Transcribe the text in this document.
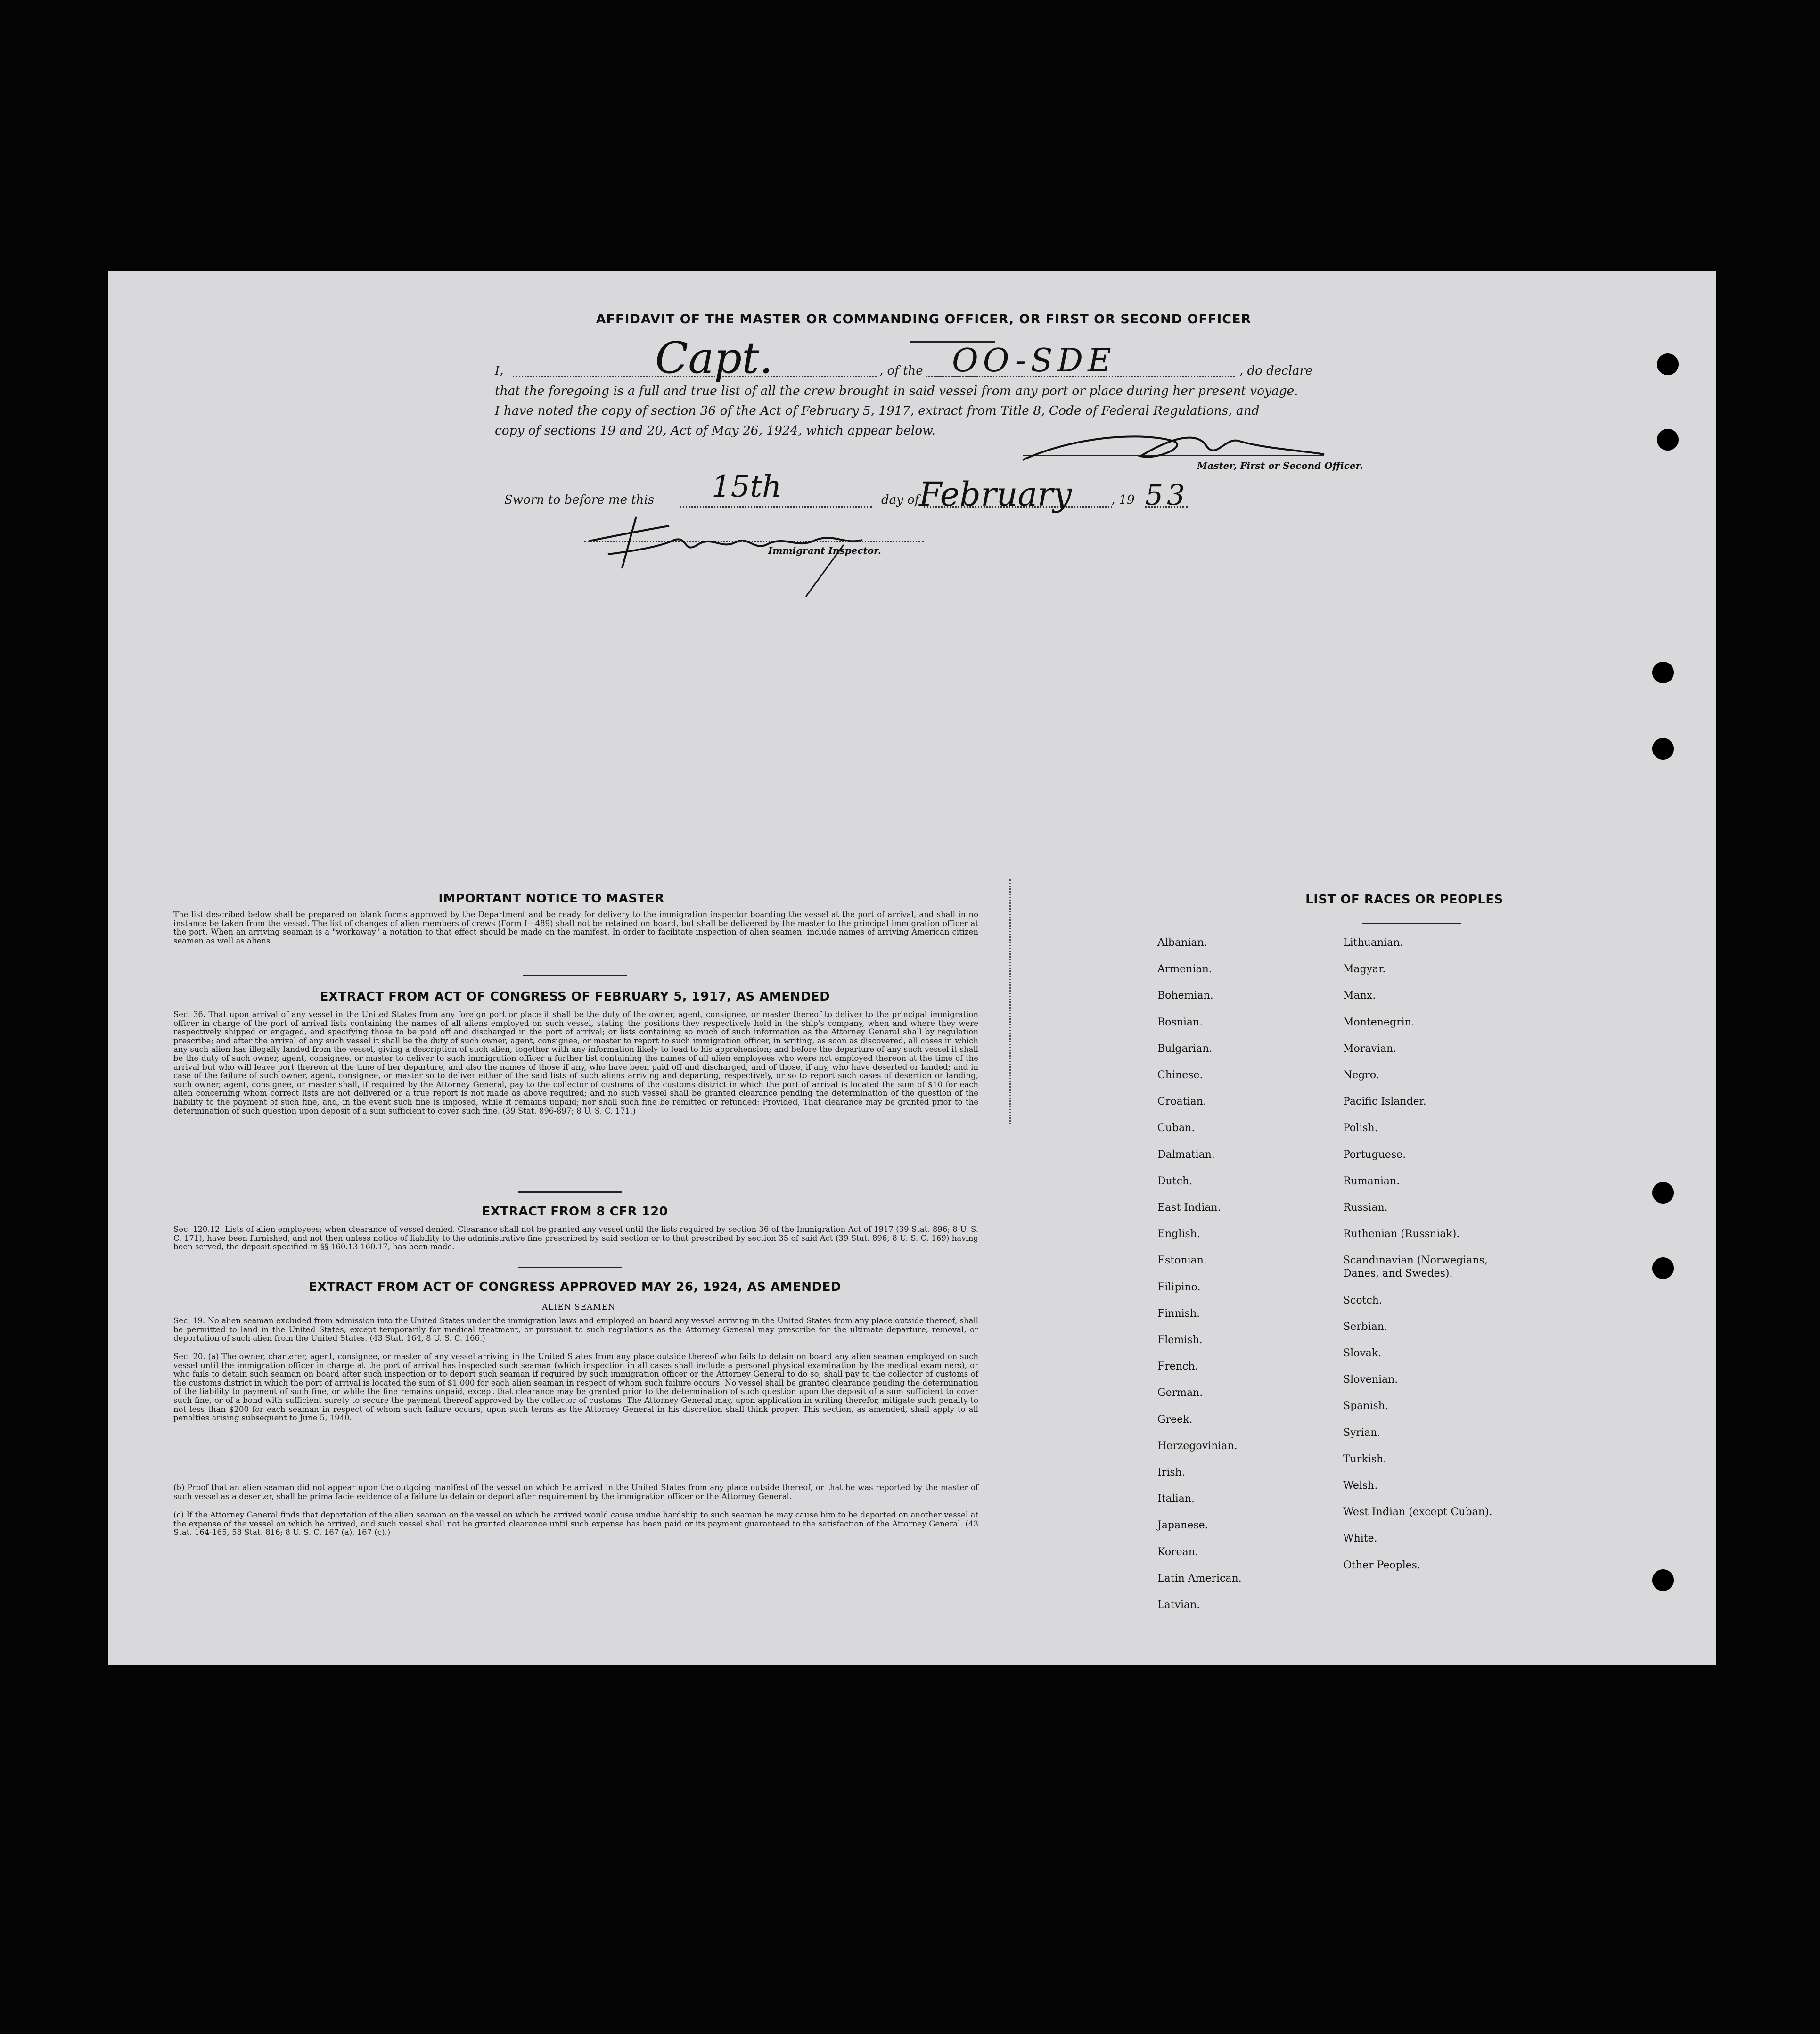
AFFIDAVIT OF THE MASTER OR COMMANDING OFFICER, OR FIRST OR SECOND OFFICER
I,	Capt.	, of the OO-SDE	, do declare
that the foregoing is a full and true list of all the crew brought in said vessel from any port or place during her present voyage.
I have noted the copy of section 36 of the Act of February 5, 1917, extract from Title 8, Code of Federal Regulations, and
copy of sections 19 and 20, Act of May 26, 1924, which appear below.
Master, First or Second Officer.
Sworn to before me this 15th	day of February	, 19 53
Immigrant Inspector.
IMPORTANT NOTICE TO MASTER

The list described below shall be prepared on blank forms approved by the Department and be ready for delivery to the immigration inspector boarding the vessel at the port of arrival, and shall in no instance be taken from the vessel. The list of changes of alien members of crews (Form I—489) shall not be retained on board, but shall be delivered by the master to the principal immigration officer at the port. When an arriving seaman is a "workaway" a notation to that effect should be made on the manifest. In order to facilitate inspection of alien seamen, include names of arriving American citizen seamen as well as aliens.

EXTRACT FROM ACT OF CONGRESS OF FEBRUARY 5, 1917, AS AMENDED

Sec. 36. That upon arrival of any vessel in the United States from any foreign port or place it shall be the duty of the owner, agent, consignee, or master thereof to deliver to the principal immigration officer in charge of the port of arrival lists containing the names of all aliens employed on such vessel, stating the positions they respectively hold in the ship's company, when and where they were respectively shipped or engaged, and specifying those to be paid off and discharged in the port of arrival; or lists containing so much of such information as the Attorney General shall by regulation prescribe; and after the arrival of any such vessel it shall be the duty of such owner, agent, consignee, or master to report to such immigration officer, in writing, as soon as discovered, all cases in which any such alien has illegally landed from the vessel, giving a description of such alien, together with any information likely to lead to his apprehension; and before the departure of any such vessel it shall be the duty of such owner, agent, consignee, or master to deliver to such immigration officer a further list containing the names of all alien employees who were not employed thereon at the time of the arrival but who will leave port thereon at the time of her departure, and also the names of those if any, who have been paid off and discharged, and of those, if any, who have deserted or landed; and in case of the failure of such owner, agent, consignee, or master so to deliver either of the said lists of such aliens arriving and departing, respectively, or so to report such cases of desertion or landing, such owner, agent, consignee, or master shall, if required by the Attorney General, pay to the collector of customs of the customs district in which the port of arrival is located the sum of $10 for each alien concerning whom correct lists are not delivered or a true report is not made as above required; and no such vessel shall be granted clearance pending the determination of the question of the liability to the payment of such fine, and, in the event such fine is imposed, while it remains unpaid; nor shall such fine be remitted or refunded: Provided, That clearance may be granted prior to the determination of such question upon deposit of a sum sufficient to cover such fine. (39 Stat. 896-897; 8 U. S. C. 171.)

EXTRACT FROM 8 CFR 120

Sec. 120.12. Lists of alien employees; when clearance of vessel denied. Clearance shall not be granted any vessel until the lists required by section 36 of the Immigration Act of 1917 (39 Stat. 896; 8 U. S. C. 171), have been furnished, and not then unless notice of liability to the administrative fine prescribed by said section or to that prescribed by section 35 of said Act (39 Stat. 896; 8 U. S. C. 169) having been served, the deposit specified in §§ 160.13-160.17, has been made.

EXTRACT FROM ACT OF CONGRESS APPROVED MAY 26, 1924, AS AMENDED
ALIEN SEAMEN

Sec. 19. No alien seaman excluded from admission into the United States under the immigration laws and employed on board any vessel arriving in the United States from any place outside thereof, shall be permitted to land in the United States, except temporarily for medical treatment, or pursuant to such regulations as the Attorney General may prescribe for the ultimate departure, removal, or deportation of such alien from the United States. (43 Stat. 164, 8 U. S. C. 166.)

Sec. 20. (a) The owner, charterer, agent, consignee, or master of any vessel arriving in the United States from any place outside thereof who fails to detain on board any alien seaman employed on such vessel until the immigration officer in charge at the port of arrival has inspected such seaman (which inspection in all cases shall include a personal physical examination by the medical examiners), or who fails to detain such seaman on board after such inspection or to deport such seaman if required by such immigration officer or the Attorney General to do so, shall pay to the collector of customs of the customs district in which the port of arrival is located the sum of $1,000 for each alien seaman in respect of whom such failure occurs. No vessel shall be granted clearance pending the determination of the liability to payment of such fine, or while the fine remains unpaid, except that clearance may be granted prior to the determination of such question upon the deposit of a sum sufficient to cover such fine, or of a bond with sufficient surety to secure the payment thereof approved by the collector of customs. The Attorney General may, upon application in writing therefor, mitigate such penalty to not less than $200 for each seaman in respect of whom such failure occurs, upon such terms as the Attorney General in his discretion shall think proper. This section, as amended, shall apply to all penalties arising subsequent to June 5, 1940.

(b) Proof that an alien seaman did not appear upon the outgoing manifest of the vessel on which he arrived in the United States from any place outside thereof, or that he was reported by the master of such vessel as a deserter, shall be prima facie evidence of a failure to detain or deport after requirement by the immigration officer or the Attorney General.

(c) If the Attorney General finds that deportation of the alien seaman on the vessel on which he arrived would cause undue hardship to such seaman he may cause him to be deported on another vessel at the expense of the vessel on which he arrived, and such vessel shall not be granted clearance until such expense has been paid or its payment guaranteed to the satisfaction of the Attorney General. (43 Stat. 164-165, 58 Stat. 816; 8 U. S. C. 167 (a), 167 (c).)

LIST OF RACES OR PEOPLES
Albanian.
Armenian.
Bohemian.
Bosnian.
Bulgarian.
Chinese.
Croatian.
Cuban.
Dalmatian.
Dutch.
East Indian.
English.
Estonian.
Filipino.
Finnish.
Flemish.
French.
German.
Greek.
Herzegovinian.
Irish.
Italian.
Japanese.
Korean.
Latin American.
Latvian.
Lithuanian.
Magyar.
Manx.
Montenegrin.
Moravian.
Negro.
Pacific Islander.
Polish.
Portuguese.
Rumanian.
Russian.
Ruthenian (Russniak).
Scandinavian (Norwegians,
Danes, and Swedes).
Scotch.
Serbian.
Slovak.
Slovenian.
Spanish.
Syrian.
Turkish.
Welsh.
West Indian (except Cuban).
White.
Other Peoples.
